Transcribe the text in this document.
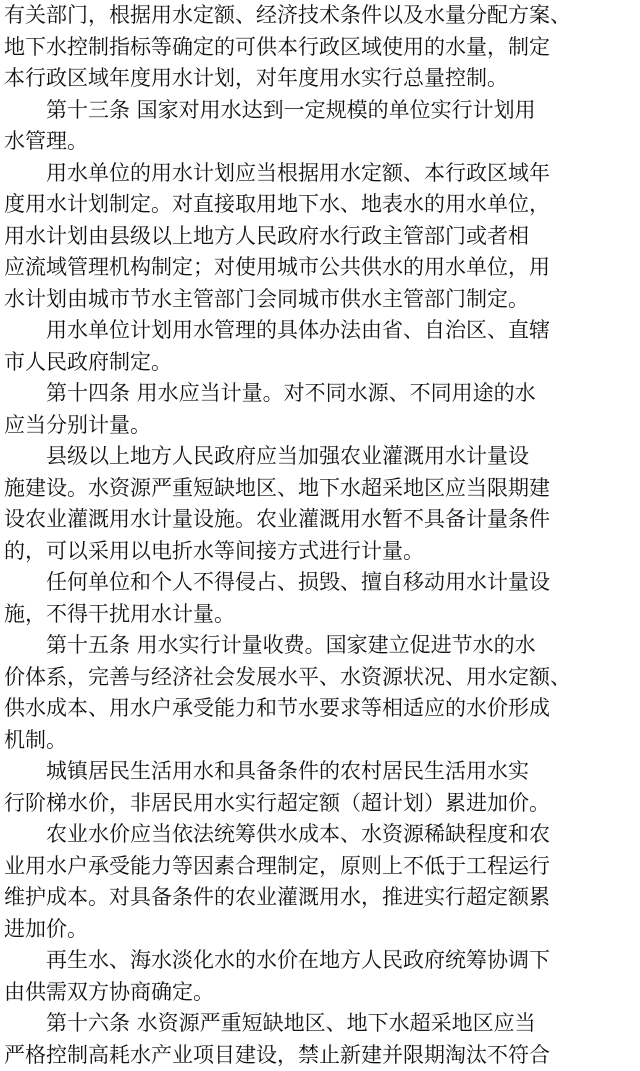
有关部门，根据用水定额、经济技术条件以及水量分配方案、
地下水控制指标等确定的可供本行政区域使用的水量，制定
本行政区域年度用水计划，对年度用水实行总量控制。
第十三条 国家对用水达到一定规模的单位实行计划用
水管理。
用水单位的用水计划应当根据用水定额、本行政区域年
度用水计划制定。对直接取用地下水、地表水的用水单位，
用水计划由县级以上地方人民政府水行政主管部门或者相
应流域管理机构制定；对使用城市公共供水的用水单位，用
水计划由城市节水主管部门会同城市供水主管部门制定。
用水单位计划用水管理的具体办法由省、自治区、直辖
市人民政府制定。
第十四条 用水应当计量。对不同水源、不同用途的水
应当分别计量。
县级以上地方人民政府应当加强农业灌溉用水计量设
施建设。水资源严重短缺地区、地下水超采地区应当限期建
设农业灌溉用水计量设施。农业灌溉用水暂不具备计量条件
的，可以采用以电折水等间接方式进行计量。
任何单位和个人不得侵占、损毁、擅自移动用水计量设
施，不得干扰用水计量。
第十五条 用水实行计量收费。国家建立促进节水的水
价体系，完善与经济社会发展水平、水资源状况、用水定额、
供水成本、用水户承受能力和节水要求等相适应的水价形成
机制。
城镇居民生活用水和具备条件的农村居民生活用水实
行阶梯水价，非居民用水实行超定额（超计划）累进加价。
农业水价应当依法统筹供水成本、水资源稀缺程度和农
业用水户承受能力等因素合理制定，原则上不低于工程运行
维护成本。对具备条件的农业灌溉用水，推进实行超定额累
进加价。
再生水、海水淡化水的水价在地方人民政府统筹协调下
由供需双方协商确定。
第十六条 水资源严重短缺地区、地下水超采地区应当
严格控制高耗水产业项目建设，禁止新建并限期淘汰不符合
